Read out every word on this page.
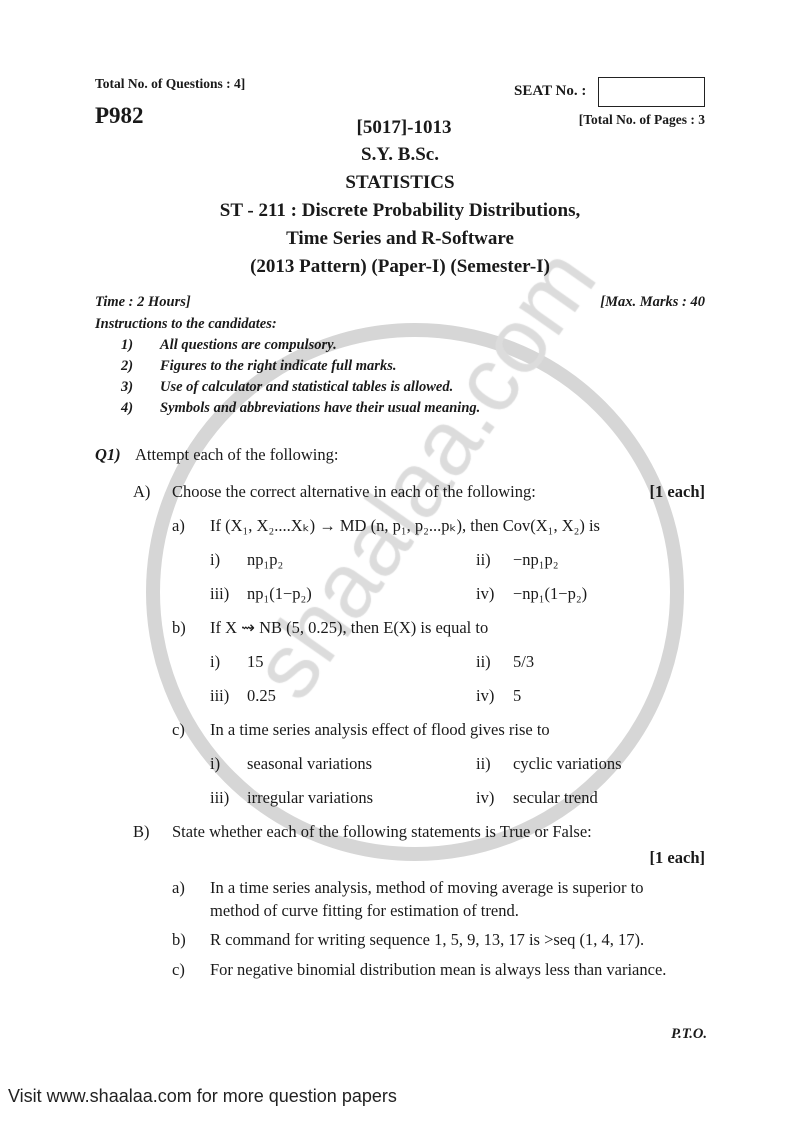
Total No. of Questions : 4]	SEAT No. :
P982	[Total No. of Pages : 3
[5017]-1013
S.Y. B.Sc.
STATISTICS
ST - 211 : Discrete Probability Distributions,
Time Series and R-Software
(2013 Pattern) (Paper-I) (Semester-I)
Time : 2 Hours]	[Max. Marks : 40
Instructions to the candidates:
1) All questions are compulsory.
2) Figures to the right indicate full marks.
3) Use of calculator and statistical tables is allowed.
4) Symbols and abbreviations have their usual meaning.
Q1) Attempt each of the following:
A) Choose the correct alternative in each of the following:	[1 each]
a) If (X₁, X₂....Xₖ) → MD (n, p₁, p₂...pₖ), then Cov(X₁, X₂) is
i) np₁p₂	ii) −np₁p₂
iii) np₁(1−p₂)	iv) −np₁(1−p₂)
b) If X ⇝ NB (5, 0.25), then E(X) is equal to
i) 15	ii) 5/3
iii) 0.25	iv) 5
c) In a time series analysis effect of flood gives rise to
i) seasonal variations	ii) cyclic variations
iii) irregular variations	iv) secular trend
B) State whether each of the following statements is True or False:
[1 each]
a) In a time series analysis, method of moving average is superior to
method of curve fitting for estimation of trend.
b) R command for writing sequence 1, 5, 9, 13, 17 is >seq (1, 4, 17).
c) For negative binomial distribution mean is always less than variance.
P.T.O.
Visit www.shaalaa.com for more question papers
